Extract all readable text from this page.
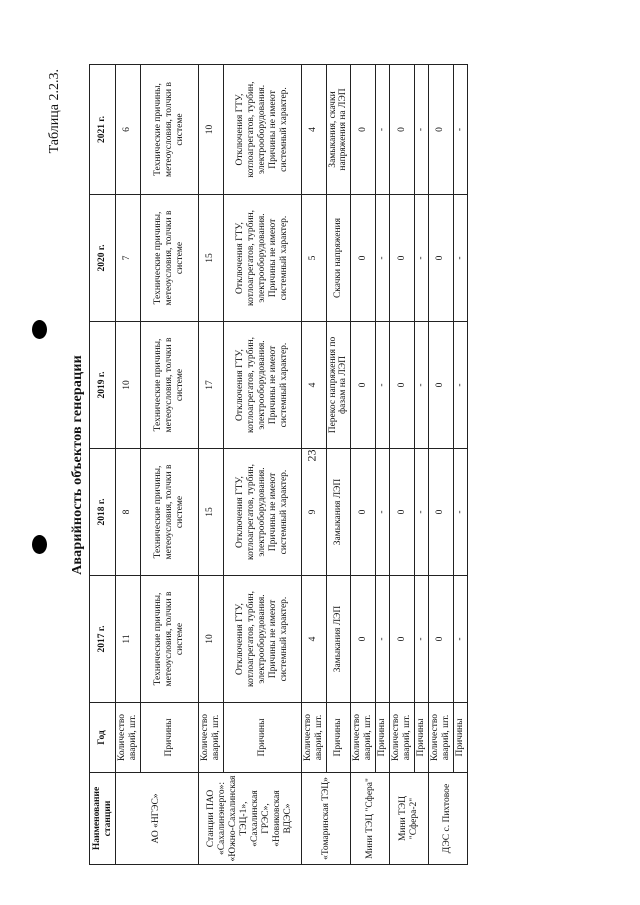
23
Таблица 2.2.3.
Аварийность объектов генерации
Наименование станции	Год	2017 г.	2018 г.	2019 г.	2020 г.	2021 г.
АО «НГЭС»	Количество аварий, шт.	11	8	10	7	6
	Причины	Технические причины, метеоусловия, толчки в системе	Технические причины, метеоусловия, толчки в системе	Технические причины, метеоусловия, толчки в системе	Технические причины, метеоусловия, толчки в системе	Технические причины, метеоусловия, толчки в системе
Станции ПАО «Сахалинэнерго»: «Южно-Сахалинская ТЭЦ-1», «Сахалинская ГРЭС», «Новиковская ВДЭС»	Количество аварий, шт.	10	15	17	15	10
	Причины	Отключения ГТУ, котлоагрегатов, турбин, электрооборудования. Причины не имеют системный характер.	Отключения ГТУ, котлоагрегатов, турбин, электрооборудования. Причины не имеют системный характер.	Отключения ГТУ, котлоагрегатов, турбин, электрооборудования. Причины не имеют системный характер.	Отключения ГТУ, котлоагрегатов, турбин, электрооборудования. Причины не имеют системный характер.	Отключения ГТУ, котлоагрегатов, турбин, электрооборудования. Причины не имеют системный характер.
«Томаринская ТЭЦ»	Количество аварий, шт.	4	9	4	5	4
	Причины	Замыкания ЛЭП	Замыкания ЛЭП	Перекос напряжения по фазам на ЛЭП	Скачки напряжения	Замыкания, скачки напряжения на ЛЭП
Мини ТЭЦ "Сфера"	Количество аварий, шт.	0	0	0	0	0
	Причины	-	-	-	-	-
Мини ТЭЦ "Сфера-2"	Количество аварий, шт.	0	0	0	0	0
	Причины	-	-	-	-	-
ДЭС с. Пихтовое	Количество аварий, шт.	0	0	0	0	0
	Причины	-	-	-	-	-
